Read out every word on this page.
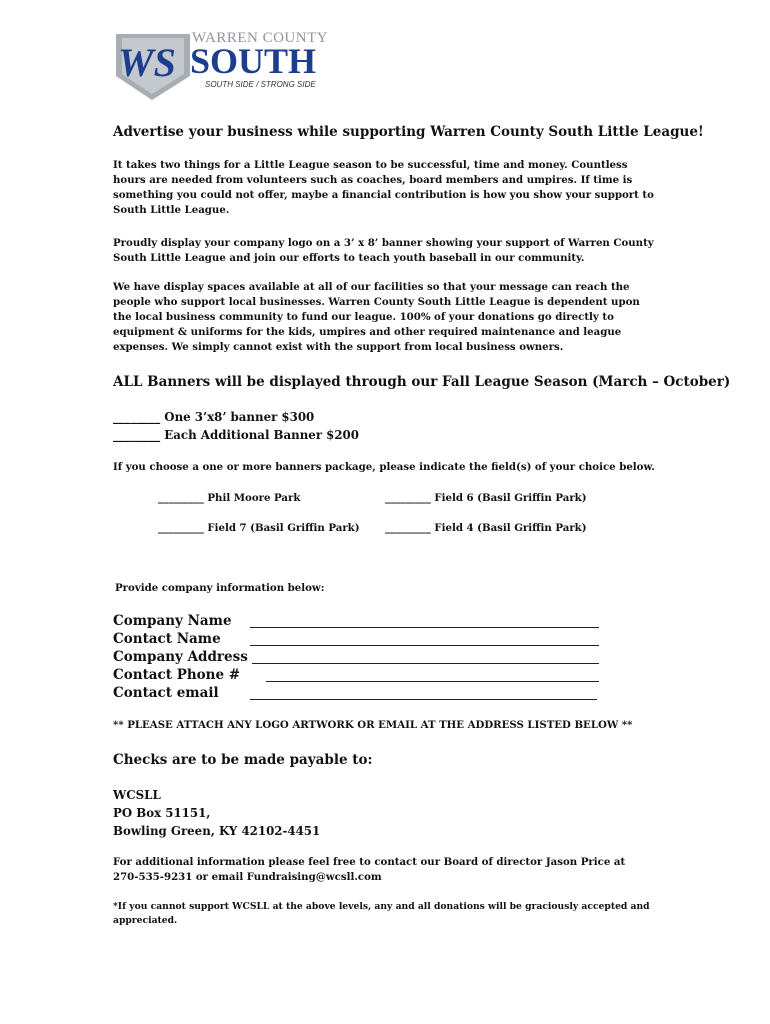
WS
WARREN COUNTY
SOUTH
SOUTH SIDE / STRONG SIDE
Advertise your business while supporting Warren County South Little League!

It takes two things for a Little League season to be successful, time and money. Countless hours are needed from volunteers such as coaches, board members and umpires. If time is something you could not offer, maybe a financial contribution is how you show your support to South Little League.

Proudly display your company logo on a 3’ x 8’ banner showing your support of Warren County South Little League and join our efforts to teach youth baseball in our community.

We have display spaces available at all of our facilities so that your message can reach the people who support local businesses. Warren County South Little League is dependent upon the local business community to fund our league. 100% of your donations go directly to equipment & uniforms for the kids, umpires and other required maintenance and league expenses. We simply cannot exist with the support from local business owners.

ALL Banners will be displayed through our Fall League Season (March – October)
________ One 3’x8’ banner $300
________ Each Additional Banner $200
If you choose a one or more banners package, please indicate the field(s) of your choice below.
_________ Phil Moore Park	_________ Field 6 (Basil Griffin Park)
_________ Field 7 (Basil Griffin Park) _________ Field 4 (Basil Griffin Park)
Provide company information below:
Company Name
Contact Name
Company Address
Contact Phone #
Contact email
** PLEASE ATTACH ANY LOGO ARTWORK OR EMAIL AT THE ADDRESS LISTED BELOW **
Checks are to be made payable to:
WCSLL
PO Box 51151,
Bowling Green, KY 42102-4451
For additional information please feel free to contact our Board of director Jason Price at
270-535-9231 or email Fundraising@wcsll.com
*If you cannot support WCSLL at the above levels, any and all donations will be graciously accepted and
appreciated.
